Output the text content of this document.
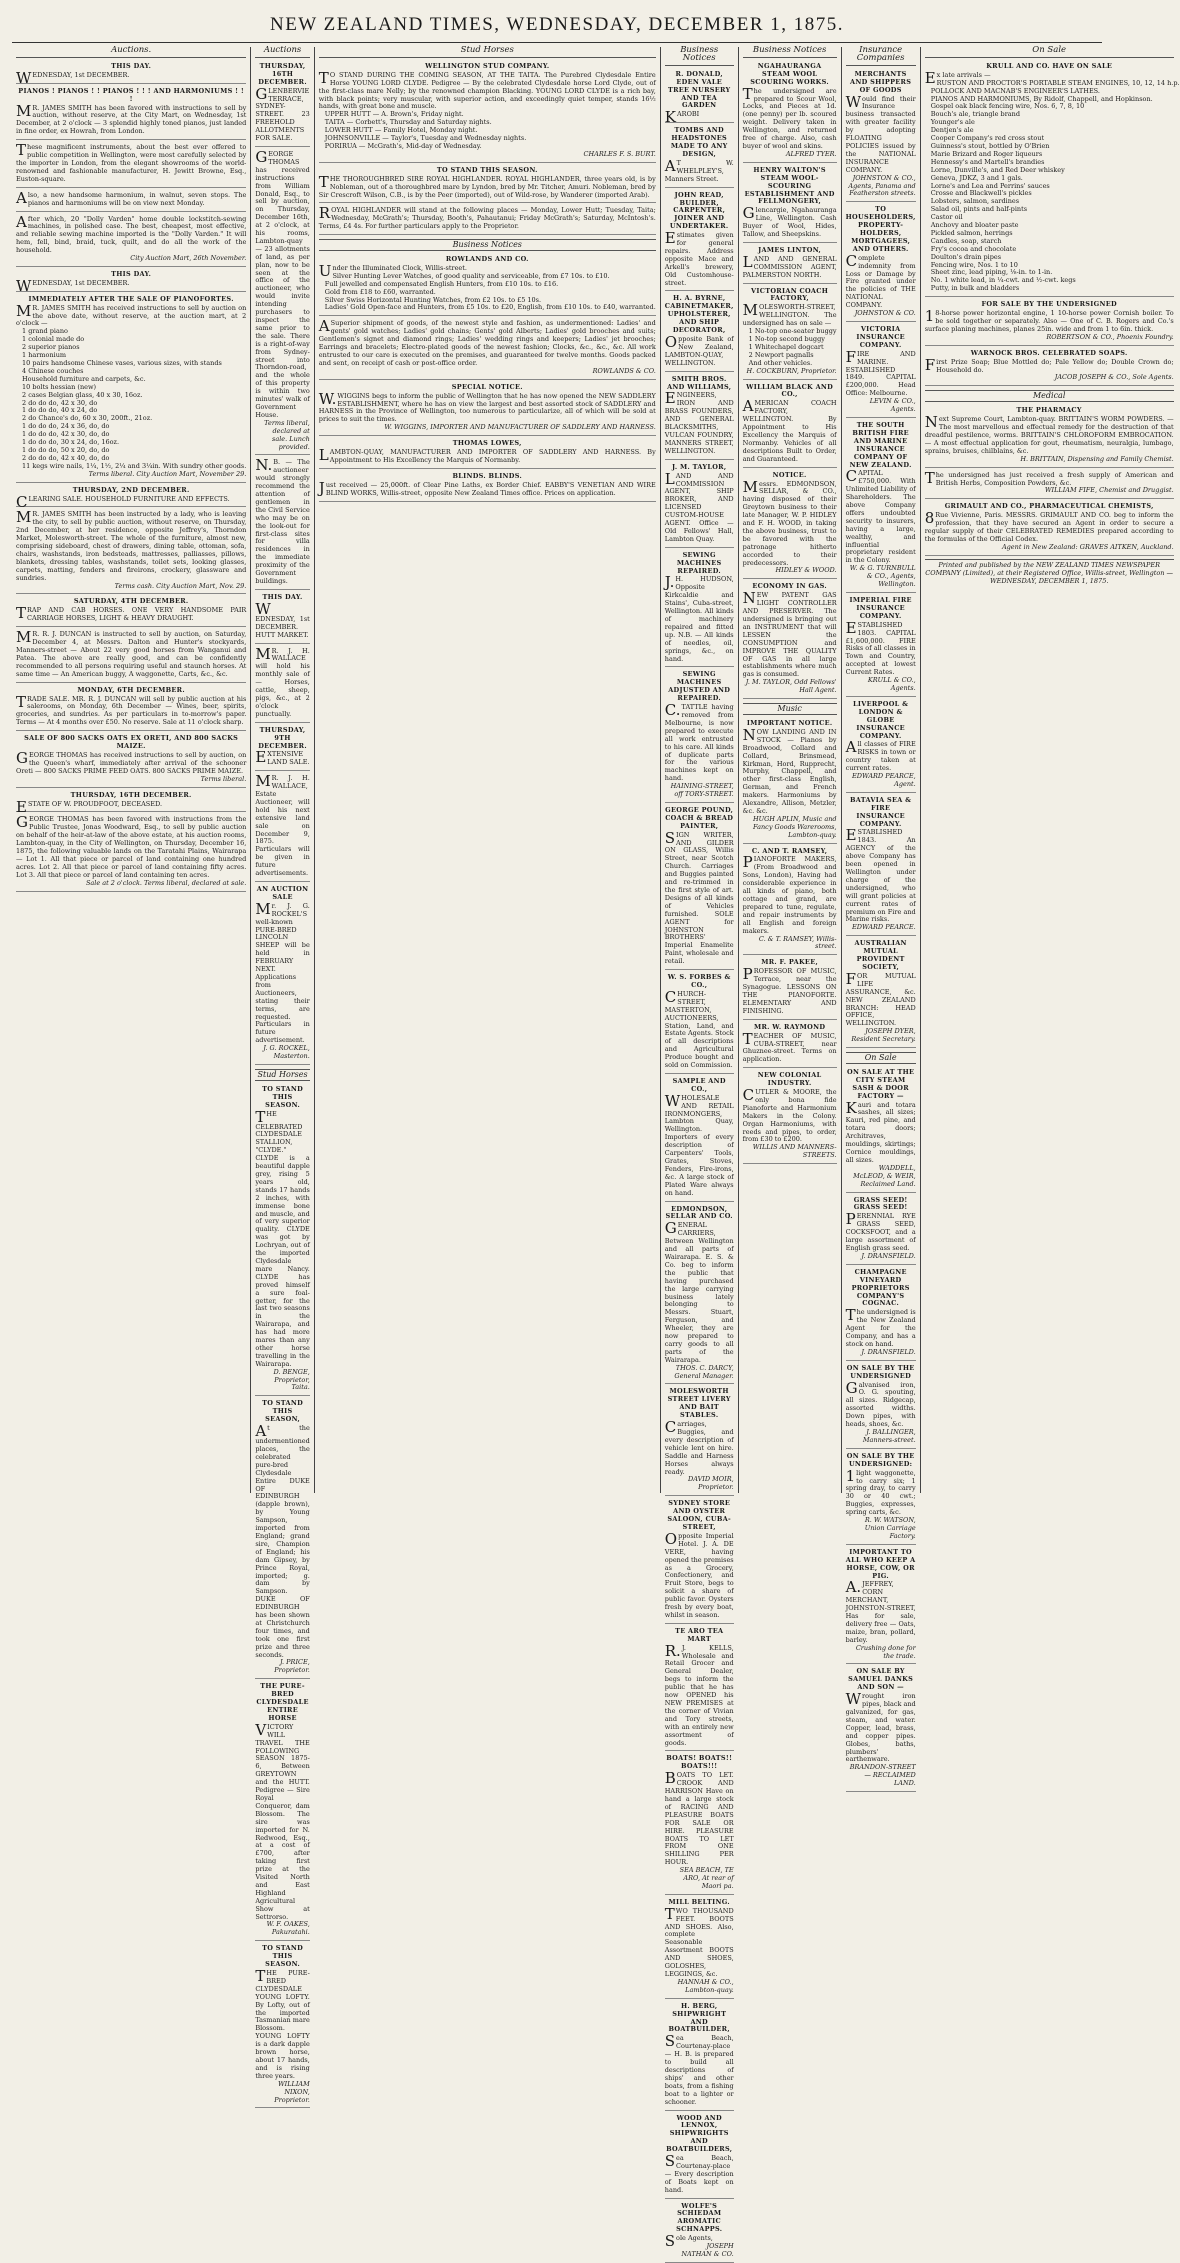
NEW ZEALAND TIMES, WEDNESDAY, DECEMBER 1, 1875.
Auctions.
THIS DAY.
WEDNESDAY, 1st DECEMBER.
PIANOS ! PIANOS ! ! PIANOS ! ! ! AND HARMONIUMS ! ! !
MR. JAMES SMITH has been favored with instructions to sell by auction, without reserve, at the City Mart, on Wednesday, 1st December, at 2 o'clock — 3 splendid highly toned pianos, just landed in fine order, ex Howrah, from London.
These magnificent instruments, about the best ever offered to public competition in Wellington, were most carefully selected by the importer in London, from the elegant showrooms of the world-renowned and fashionable manufacturer, H. Jewitt Browne, Esq., Euston-square.
Also, a new handsome harmonium, in walnut, seven stops. The pianos and harmoniums will be on view next Monday.
After which, 20 "Dolly Varden" home double lockstitch-sewing machines, in polished case. The best, cheapest, most effective, and reliable sewing machine imported is the "Dolly Varden." It will hem, fell, bind, braid, tuck, quilt, and do all the work of the household.
City Auction Mart, 26th November.
THIS DAY.
WEDNESDAY, 1st DECEMBER.
IMMEDIATELY AFTER THE SALE OF PIANOFORTES.
MR. JAMES SMITH has received instructions to sell by auction on the above date, without reserve, at the auction mart, at 2 o'clock —
1 grand piano
1 colonial made do
2 superior pianos
1 harmonium
10 pairs handsome Chinese vases, various sizes, with stands
4 Chinese couches
Household furniture and carpets, &c.
10 bolts hessian (new)
2 cases Belgian glass, 40 x 30, 16oz.
2 do do do, 42 x 30, do
1 do do do, 40 x 24, do
2 do Chance's do, 60 x 30, 200ft., 21oz.
1 do do do, 24 x 36, do, do
1 do do do, 42 x 30, do, do
1 do do do, 30 x 24, do, 16oz.
1 do do do, 50 x 20, do, do
2 do do do, 42 x 40, do, do
11 kegs wire nails, 1¼, 1½, 2¼ and 3¼in. With sundry other goods.
Terms liberal. City Auction Mart, November 29.
THURSDAY, 2ND DECEMBER.
CLEARING SALE. HOUSEHOLD FURNITURE AND EFFECTS.
MR. JAMES SMITH has been instructed by a lady, who is leaving the city, to sell by public auction, without reserve, on Thursday, 2nd December, at her residence, opposite Jeffrey's, Thorndon Market, Molesworth-street. The whole of the furniture, almost new, comprising sideboard, chest of drawers, dining table, ottoman, sofa, chairs, washstands, iron bedsteads, mattresses, palliasses, pillows, blankets, dressing tables, washstands, toilet sets, looking glasses, carpets, matting, fenders and fireirons, crockery, glassware and sundries.
Terms cash. City Auction Mart, Nov. 29.
SATURDAY, 4TH DECEMBER.
TRAP AND CAB HORSES. ONE VERY HANDSOME PAIR CARRIAGE HORSES, LIGHT & HEAVY DRAUGHT.
MR. R. J. DUNCAN is instructed to sell by auction, on Saturday, December 4, at Messrs. Dalton and Hunter's stockyards, Manners-street — About 22 very good horses from Wanganui and Patea. The above are really good, and can be confidently recommended to all persons requiring useful and staunch horses. At same time — An American buggy, A waggonette, Carts, &c., &c.
MONDAY, 6TH DECEMBER.
TRADE SALE. MR. R. J. DUNCAN will sell by public auction at his salerooms, on Monday, 6th December — Wines, beer, spirits, groceries, and sundries. As per particulars in to-morrow's paper. Terms — At 4 months over £50. No reserve. Sale at 11 o'clock sharp.
SALE OF 800 SACKS OATS EX ORETI, AND 800 SACKS MAIZE.
GEORGE THOMAS has received instructions to sell by auction, on the Queen's wharf, immediately after arrival of the schooner Oreti — 800 SACKS PRIME FEED OATS. 800 SACKS PRIME MAIZE.
Terms liberal.
THURSDAY, 16TH DECEMBER.
ESTATE OF W. PROUDFOOT, DECEASED.
GEORGE THOMAS has been favored with instructions from the Public Trustee, Jonas Woodward, Esq., to sell by public auction on behalf of the heir-at-law of the above estate, at his auction rooms, Lambton-quay, in the City of Wellington, on Thursday, December 16, 1875, the following valuable lands on the Taratahi Plains, Wairarapa — Lot 1. All that piece or parcel of land containing one hundred acres. Lot 2. All that piece or parcel of land containing fifty acres. Lot 3. All that piece or parcel of land containing ten acres.
Sale at 2 o'clock. Terms liberal, declared at sale.
Auctions
THURSDAY, 16TH DECEMBER.
GLENBERVIE TERRACE, SYDNEY-STREET. 23 FREEHOLD ALLOTMENTS FOR SALE.
GEORGE THOMAS has received instructions from William Donald, Esq., to sell by auction, on Thursday, December 16th, at 2 o'clock, at his rooms, Lambton-quay — 23 allotments of land, as per plan, now to be seen at the office of the auctioneer, who would invite intending purchasers to inspect the same prior to the sale. There is a right-of-way from Sydney-street into Thorndon-road, and the whole of this property is within two minutes' walk of Government House.
Terms liberal, declared at sale. Lunch provided.
N.B. — The auctioneer would strongly recommend the attention of gentlemen in the Civil Service who may be on the look-out for first-class sites for villa residences in the immediate proximity of the Government buildings.
THIS DAY.
WEDNESDAY, 1st DECEMBER. HUTT MARKET.
MR. J. H. WALLACE will hold his monthly sale of — Horses, cattle, sheep, pigs, &c., at 2 o'clock punctually.
THURSDAY, 9TH DECEMBER.
EXTENSIVE LAND SALE.
MR. J. H. WALLACE, Estate Auctioneer, will hold his next extensive land sale on December 9, 1875. Particulars will be given in future advertisements.
AN AUCTION SALE
Mr. J. G. ROCKEL'S well-known PURE-BRED LINCOLN SHEEP will be held in FEBRUARY NEXT. Applications from Auctioneers, stating their terms, are requested. Particulars in future advertisement.
J. G. ROCKEL, Masterton.
Stud Horses
TO STAND THIS SEASON.
THE CELEBRATED CLYDESDALE STALLION, "CLYDE." CLYDE is a beautiful dapple grey, rising 5 years old, stands 17 hands 2 inches, with immense bone and muscle, and of very superior quality. CLYDE was got by Lochryan, out of the imported Clydesdale mare Nancy. CLYDE has proved himself a sure foal-getter, for the last two seasons in the Wairarapa, and has had more mares than any other horse travelling in the Wairarapa.
D. BENGE, Proprietor, Taita.
TO STAND THIS SEASON,
At the undermentioned places, the celebrated pure-bred Clydesdale Entire DUKE OF EDINBURGH (dapple brown), by Young Sampson, imported from England; grand sire, Champion of England; his dam Gipsey, by Prince Royal, imported; g. dam by Sampson. DUKE OF EDINBURGH has been shown at Christchurch four times, and took one first prize and three seconds.
J. PRICE, Proprietor.
THE PURE-BRED CLYDESDALE ENTIRE HORSE
VICTORY WILL TRAVEL THE FOLLOWING SEASON 1875-6, Between GREYTOWN and the HUTT. Pedigree — Sire Royal Conqueror, dam Blossom. The sire was imported for N. Redwood, Esq., at a cost of £700, after taking first prize at the Visited North and East Highland Agricultural Show at Settrorso.
W. F. OAKES, Pakuratahi.
TO STAND THIS SEASON.
THE PURE-BRED CLYDESDALE YOUNG LOFTY. By Lofty, out of the imported Tasmanian mare Blossom. YOUNG LOFTY is a dark dapple brown horse, about 17 hands, and is rising three years.
WILLIAM NIXON, Proprietor.
Stud Horses
WELLINGTON STUD COMPANY.
TO STAND DURING THE COMING SEASON, AT THE TAITA. The Purebred Clydesdale Entire Horse YOUNG LORD CLYDE. Pedigree — By the celebrated Clydesdale horse Lord Clyde, out of the first-class mare Nelly; by the renowned champion Blacking. YOUNG LORD CLYDE is a rich bay, with black points; very muscular, with superior action, and exceedingly quiet temper, stands 16½ hands, with great bone and muscle.
UPPER HUTT — A. Brown's, Friday night.
TAITA — Corbett's, Thursday and Saturday nights.
LOWER HUTT — Family Hotel, Monday night.
JOHNSONVILLE — Taylor's, Tuesday and Wednesday nights.
PORIRUA — McGrath's, Mid-day of Wednesday.
CHARLES F. S. BURT.
TO STAND THIS SEASON.
THE THOROUGHBRED SIRE ROYAL HIGHLANDER. ROYAL HIGHLANDER, three years old, is by Nobleman, out of a thoroughbred mare by Lyndon, bred by Mr. Titcher, Amuri. Nobleman, bred by Sir Crescroft Wilson, C.B., is by the Peer (imported), out of Wild-rose, by Wanderer (imported Arab).
ROYAL HIGHLANDER will stand at the following places — Monday, Lower Hutt; Tuesday, Taita; Wednesday, McGrath's; Thursday, Booth's, Pahautanui; Friday McGrath's; Saturday, McIntosh's. Terms, £4 4s. For further particulars apply to the Proprietor.
Business Notices
ROWLANDS AND CO.
Under the Illuminated Clock, Willis-street.
Silver Hunting Lever Watches, of good quality and serviceable, from £7 10s. to £10.
Full jewelled and compensated English Hunters, from £10 10s. to £16.
Gold from £18 to £60, warranted.
Silver Swiss Horizontal Hunting Watches, from £2 10s. to £5 10s.
Ladies' Gold Open-face and Hunters, from £5 10s. to £20, English, from £10 10s. to £40, warranted.
ASuperior shipment of goods, of the newest style and fashion, as undermentioned: Ladies' and gents' gold watches; Ladies' gold chains; Gents' gold Alberts; Ladies' gold brooches and suits; Gentlemen's signet and diamond rings; Ladies' wedding rings and keepers; Ladies' jet brooches; Earrings and bracelets; Electro-plated goods of the newest fashion; Clocks, &c., &c., &c. All work entrusted to our care is executed on the premises, and guaranteed for twelve months. Goods packed and sent, on receipt of cash or post-office order.
ROWLANDS & CO.
SPECIAL NOTICE.
W.WIGGINS begs to inform the public of Wellington that he has now opened the NEW SADDLERY ESTABLISHMENT, where he has on view the largest and best assorted stock of SADDLERY and HARNESS in the Province of Wellington, too numerous to particularize, all of which will be sold at prices to suit the times.
W. WIGGINS, IMPORTER AND MANUFACTURER OF SADDLERY AND HARNESS.
THOMAS LOWES,
LAMBTON-QUAY, MANUFACTURER AND IMPORTER OF SADDLERY AND HARNESS. By Appointment to His Excellency the Marquis of Normanby.
BLINDS. BLINDS.
Just received — 25,000ft. of Clear Pine Laths, ex Border Chief. EABBY'S VENETIAN AND WIRE BLIND WORKS, Willis-street, opposite New Zealand Times office. Prices on application.
Business Notices
R. DONALD, EDEN VALE TREE NURSERY AND TEA GARDEN
KAROBI
TOMBS AND HEADSTONES MADE TO ANY DESIGN,
AT W. WHELPLEY'S, Manners Street.
JOHN READ, BUILDER, CARPENTER, JOINER AND UNDERTAKER.
Estimates given for general repairs. Address opposite Mace and Arkell's brewery, Old Customhouse-street.
H. A. BYRNE, CABINETMAKER, UPHOLSTERER, AND SHIP DECORATOR,
Opposite Bank of New Zealand, LAMBTON-QUAY, WELLINGTON.
SMITH BROS. AND WILLIAMS,
ENGINEERS, IRON AND BRASS FOUNDERS, AND GENERAL BLACKSMITHS, VULCAN FOUNDRY, MANNERS STREET, WELLINGTON.
J. M. TAYLOR,
LAND AND COMMISSION AGENT, SHIP BROKER, AND LICENSED CUSTOM-HOUSE AGENT. Office — Old Fellows' Hall, Lambton Quay.
SEWING MACHINES REPAIRED.
J.H. HUDSON, Opposite Kirkcaldie and Stains', Cuba-street, Wellington. All kinds of machinery repaired and fitted up. N.B. — All kinds of needles, oil, springs, &c., on hand.
SEWING MACHINES ADJUSTED AND REPAIRED.
C.TATTLE having removed from Melbourne, is now prepared to execute all work entrusted to his care. All kinds of duplicate parts for the various machines kept on hand.
HAINING-STREET, off TORY-STREET.
GEORGE POUND, COACH & BREAD PAINTER,
SIGN WRITER, AND GILDER ON GLASS, Willis Street, near Scotch Church. Carriages and Buggies painted and re-trimmed in the first style of art. Designs of all kinds of Vehicles furnished. SOLE AGENT for JOHNSTON BROTHERS' Imperial Enamelite Paint, wholesale and retail.
W. S. FORBES & CO.,
CHURCH-STREET, MASTERTON, AUCTIONEERS, Station, Land, and Estate Agents. Stock of all descriptions and Agricultural Produce bought and sold on Commission.
SAMPLE AND CO.,
WHOLESALE AND RETAIL IRONMONGERS, Lambton Quay, Wellington. Importers of every description of Carpenters' Tools, Grates, Stoves, Fenders, Fire-irons, &c. A large stock of Plated Ware always on hand.
EDMONDSON, SELLAR AND CO.
GENERAL CARRIERS, Between Wellington and all parts of Wairarapa. E. S. & Co. beg to inform the public that having purchased the large carrying business lately belonging to Messrs. Stuart, Ferguson, and Wheeler, they are now prepared to carry goods to all parts of the Wairarapa.
THOS. C. DARCY, General Manager.
MOLESWORTH STREET LIVERY AND BAIT STABLES.
Carriages, Buggies, and every description of vehicle lent on hire. Saddle and Harness Horses always ready.
DAVID MOIR, Proprietor.
SYDNEY STORE AND OYSTER SALOON, CUBA-STREET,
Opposite Imperial Hotel. J. A. DE VERE, having opened the premises as a Grocery, Confectionery, and Fruit Store, begs to solicit a share of public favor. Oysters fresh by every boat, whilst in season.
TE ARO TEA MART
R.J. KELLS, Wholesale and Retail Grocer and General Dealer, begs to inform the public that he has now OPENED his NEW PREMISES at the corner of Vivian and Tory streets, with an entirely new assortment of goods.
BOATS! BOATS!! BOATS!!!
BOATS TO LET. CROOK AND HARRISON Have on hand a large stock of RACING AND PLEASURE BOATS FOR SALE OR HIRE. PLEASURE BOATS TO LET FROM ONE SHILLING PER HOUR.
SEA BEACH, TE ARO, At rear of Maori pa.
MILL BELTING.
TWO THOUSAND FEET. BOOTS AND SHOES. Also, complete Seasonable Assortment BOOTS AND SHOES, GOLOSHES, LEGGINGS, &c.
HANNAH & CO., Lambton-quay.
H. BERG, SHIPWRIGHT AND BOATBUILDER,
Sea Beach, Courtenay-place — H. B. is prepared to build all descriptions of ships' and other boats, from a fishing boat to a lighter or schooner.
WOOD AND LENNOX, SHIPWRIGHTS AND BOATBUILDERS,
Sea Beach, Courtenay-place — Every description of Boats kept on hand.
WOLFE'S SCHIEDAM AROMATIC SCHNAPPS.
Sole Agents,
JOSEPH NATHAN & CO.
Business Notices
NGAHAURANGA STEAM WOOL SCOURING WORKS.
The undersigned are prepared to Scour Wool, Locks, and Pieces at 1d. (one penny) per lb. scoured weight. Delivery taken in Wellington, and returned free of charge. Also, cash buyer of wool and skins.
ALFRED TYER.
HENRY WALTON'S STEAM WOOL-SCOURING ESTABLISHMENT AND FELLMONGERY,
Glencargie, Ngahauranga Line, Wellington. Cash Buyer of Wool, Hides, Tallow, and Sheepskins.
JAMES LINTON,
LAND AND GENERAL COMMISSION AGENT, PALMERSTON NORTH.
VICTORIAN COACH FACTORY,
MOLESWORTH-STREET, WELLINGTON. The undersigned has on sale —
1 No-top one-seater buggy
1 No-top second buggy
1 Whitechapel dogcart
2 Newport pagnalls
And other vehicles.
H. COCKBURN, Proprietor.
WILLIAM BLACK AND CO.,
AMERICAN COACH FACTORY, WELLINGTON. By Appointment to His Excellency the Marquis of Normanby. Vehicles of all descriptions Built to Order, and Guaranteed.
NOTICE.
Messrs. EDMONDSON, SELLAR, & CO., having disposed of their Greytown business to their late Manager, W. P. HIDLEY and F. H. WOOD, in taking the above business, trust to be favored with the patronage hitherto accorded to their predecessors.
HIDLEY & WOOD.
ECONOMY IN GAS.
NEW PATENT GAS LIGHT CONTROLLER AND PRESERVER. The undersigned is bringing out an INSTRUMENT that will LESSEN the CONSUMPTION and IMPROVE THE QUALITY OF GAS in all large establishments where much gas is consumed.
J. M. TAYLOR, Odd Fellows' Hall Agent.
Music
IMPORTANT NOTICE.
NOW LANDING AND IN STOCK — Pianos by Broadwood, Collard and Collard, Brinsmead, Kirkman, Hord, Rupprecht, Murphy, Chappell, and other first-class English, German, and French makers. Harmoniums by Alexandre, Allison, Metzler, &c. &c.
HUGH APLIN, Music and Fancy Goods Warerooms, Lambton-quay.
C. AND T. RAMSEY,
PIANOFORTE MAKERS, (From Broadwood and Sons, London), Having had considerable experience in all kinds of piano, both cottage and grand, are prepared to tune, regulate, and repair instruments by all English and foreign makers.
C. & T. RAMSEY, Willis-street.
MR. F. PAKEE,
PROFESSOR OF MUSIC, Terrace, near the Synagogue. LESSONS ON THE PIANOFORTE. ELEMENTARY AND FINISHING.
MR. W. RAYMOND
TEACHER OF MUSIC, CUBA-STREET, near Ghuznee-street. Terms on application.
NEW COLONIAL INDUSTRY.
CUTLER & MOORE, the only bona fide Pianoforte and Harmonium Makers in the Colony. Organ Harmoniums, with reeds and pipes, to order, from £30 to £200.
WILLIS AND MANNERS-STREETS.
Insurance Companies
MERCHANTS AND SHIPPERS OF GOODS
Would find their Insurance business transacted with greater facility by adopting FLOATING POLICIES issued by the NATIONAL INSURANCE COMPANY.
JOHNSTON & CO., Agents, Panama and Featherston streets.
TO HOUSEHOLDERS, PROPERTY-HOLDERS, MORTGAGEES, AND OTHERS.
Complete indemnity from Loss or Damage by Fire granted under the policies of THE NATIONAL COMPANY.
JOHNSTON & CO.
VICTORIA INSURANCE COMPANY.
FIRE AND MARINE. ESTABLISHED 1849. CAPITAL £200,000. Head Office: Melbourne.
LEVIN & CO., Agents.
THE SOUTH BRITISH FIRE AND MARINE INSURANCE COMPANY OF NEW ZEALAND.
CAPITAL £750,000. With Unlimited Liability of Shareholders. The above Company offers undoubted security to insurers, having a large, wealthy, and influential proprietary resident in the Colony.
W. & G. TURNBULL & CO., Agents, Wellington.
IMPERIAL FIRE INSURANCE COMPANY.
ESTABLISHED 1803. CAPITAL £1,600,000. FIRE Risks of all classes in Town and Country, accepted at lowest Current Rates.
KRULL & CO., Agents.
LIVERPOOL & LONDON & GLOBE INSURANCE COMPANY.
All classes of FIRE RISKS in town or country taken at current rates.
EDWARD PEARCE, Agent.
BATAVIA SEA & FIRE INSURANCE COMPANY.
ESTABLISHED 1843. An AGENCY of the above Company has been opened in Wellington under charge of the undersigned, who will grant policies at current rates of premium on Fire and Marine risks.
EDWARD PEARCE.
AUSTRALIAN MUTUAL PROVIDENT SOCIETY,
FOR MUTUAL LIFE ASSURANCE, &c. NEW ZEALAND BRANCH: HEAD OFFICE, WELLINGTON.
JOSEPH DYER, Resident Secretary.
On Sale
ON SALE AT THE CITY STEAM SASH & DOOR FACTORY —
Kauri and totara sashes, all sizes; Kauri, red pine, and totara doors; Architraves, mouldings, skirtings; Cornice mouldings, all sizes.
WADDELL, McLEOD, & WEIR, Reclaimed Land.
GRASS SEED! GRASS SEED!
PERENNIAL RYE GRASS SEED, COCKSFOOT, and a large assortment of English grass seed.
J. DRANSFIELD.
CHAMPAGNE VINEYARD PROPRIETORS COMPANY'S COGNAC.
The undersigned is the New Zealand Agent for the Company, and has a stock on hand.
J. DRANSFIELD.
ON SALE BY THE UNDERSIGNED
Galvanised iron, O. G. spouting, all sizes. Ridgecap, assorted widths. Down pipes, with heads, shoes, &c.
J. BALLINGER, Manners-street.
ON SALE BY THE UNDERSIGNED:
1light waggonette, to carry six; 1 spring dray, to carry 30 or 40 cwt.; Buggies, expresses, spring carts, &c.
R. W. WATSON, Union Carriage Factory.
IMPORTANT TO ALL WHO KEEP A HORSE, COW, OR PIG.
A.JEFFREY, CORN MERCHANT, JOHNSTON-STREET, Has for sale, delivery free — Oats, maize, bran, pollard, barley.
Crushing done for the trade.
ON SALE BY SAMUEL DANKS AND SON —
Wrought iron pipes, black and galvanized, for gas, steam, and water. Copper, lead, brass, and copper pipes. Globes, baths, plumbers' earthenware.
BRANDON-STREET — RECLAIMED LAND.
On Sale
KRULL AND CO. HAVE ON SALE
Ex late arrivals —
RUSTON AND PROCTOR'S PORTABLE STEAM ENGINES, 10, 12, 14 h.p.
POLLOCK AND MACNAB'S ENGINEER'S LATHES.
PIANOS AND HARMONIUMS, By Ridolf, Chappell, and Hopkinson.
Gospel oak black fencing wire, Nos. 6, 7, 8, 10
Bouch's ale, triangle brand
Younger's ale
Dentjen's ale
Cooper Company's red cross stout
Guinness's stout, bottled by O'Brien
Marie Brizard and Roger liqueurs
Hennessy's and Martell's brandies
Lorne, Dunville's, and Red Deer whiskey
Geneva, JDKZ, 3 and 1 gals.
Lorne's and Lea and Perrins' sauces
Crosse and Blackwell's pickles
Lobsters, salmon, sardines
Salad oil, pints and half-pints
Castor oil
Anchovy and bloater paste
Pickled salmon, herrings
Candles, soap, starch
Fry's cocoa and chocolate
Doulton's drain pipes
Fencing wire, Nos. 1 to 10
Sheet zinc, lead piping, ⅛-in. to 1-in.
No. 1 white lead, in ¼-cwt. and ½-cwt. kegs
Putty, in bulk and bladders
FOR SALE BY THE UNDERSIGNED
18-horse power horizontal engine, 1 10-horse power Cornish boiler. To be sold together or separately. Also — One of C. B. Rogers and Co.'s surface planing machines, planes 25in. wide and from 1 to 6in. thick.
ROBERTSON & CO., Phoenix Foundry.
WARNOCK BROS. CELEBRATED SOAPS.
First Prize Soap; Blue Mottled do; Pale Yellow do; Double Crown do; Household do.
JACOB JOSEPH & CO., Sole Agents.
Medical
THE PHARMACY
Next Supreme Court, Lambton-quay. BRITTAIN'S WORM POWDERS. — The most marvellous and effectual remedy for the destruction of that dreadful pestilence, worms. BRITTAIN'S CHLOROFORM EMBROCATION. — A most effectual application for gout, rheumatism, neuralgia, lumbago, sprains, bruises, chilblains, &c.
H. BRITTAIN, Dispensing and Family Chemist.
The undersigned has just received a fresh supply of American and British Herbs, Composition Powders, &c.
WILLIAM FIFE, Chemist and Druggist.
GRIMAULT AND CO., PHARMACEUTICAL CHEMISTS,
8Rue Vivienne, Paris. MESSRS. GRIMAULT AND CO. beg to inform the profession, that they have secured an Agent in order to secure a regular supply of their CELEBRATED REMEDIES prepared according to the formulas of the Official Codex.
Agent in New Zealand: GRAVES AITKEN, Auckland.
Printed and published by the NEW ZEALAND TIMES NEWSPAPER COMPANY (Limited), at their Registered Office, Willis-street, Wellington — WEDNESDAY, DECEMBER 1, 1875.
